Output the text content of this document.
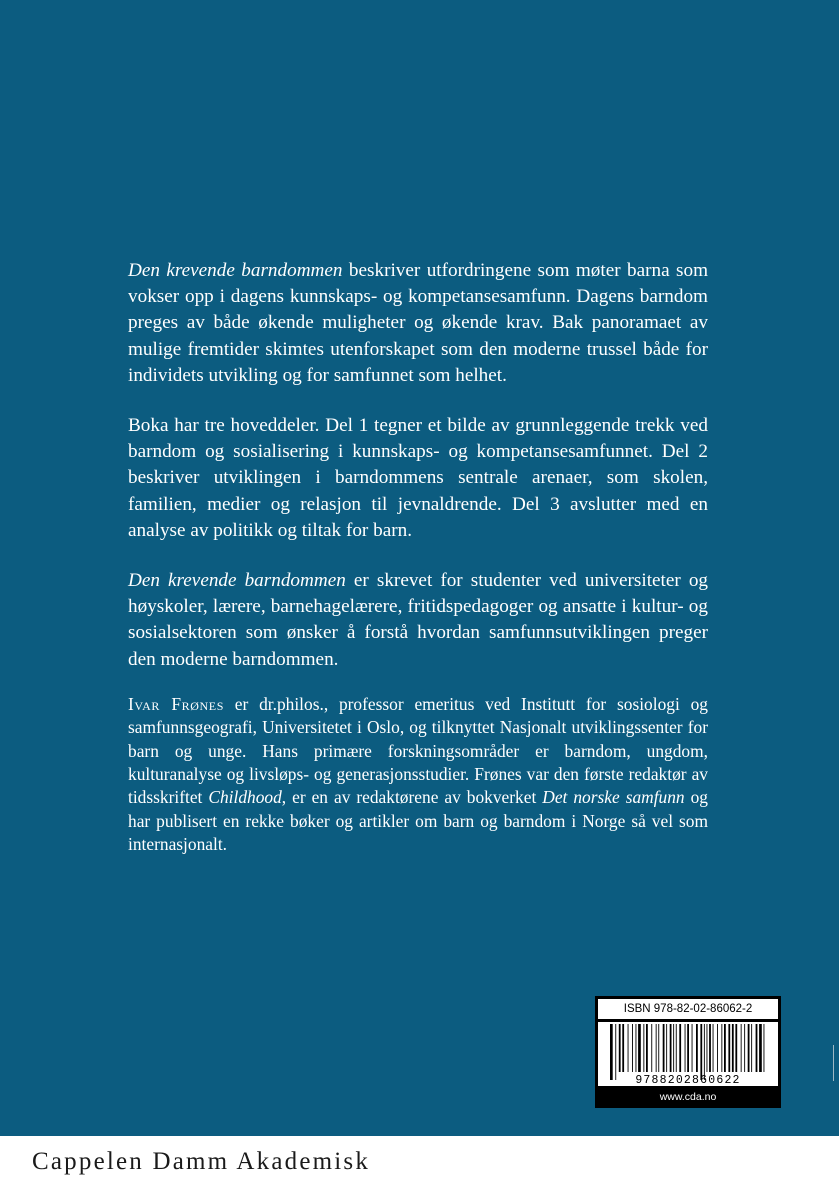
Den krevende barndommen beskriver utfordringene som møter barna som vokser opp i dagens kunnskaps- og kompetansesamfunn. Dagens barndom preges av både økende muligheter og økende krav. Bak panoramaet av mulige fremtider skimtes utenforskapet som den moderne trussel både for individets utvikling og for samfunnet som helhet.

Boka har tre hoveddeler. Del 1 tegner et bilde av grunnleggende trekk ved barndom og sosialisering i kunnskaps- og kompetansesamfunnet. Del 2 beskriver utviklingen i barndommens sentrale arenaer, som skolen, familien, medier og relasjon til jevnaldrende. Del 3 avslutter med en analyse av politikk og tiltak for barn.

Den krevende barndommen er skrevet for studenter ved universiteter og høyskoler, lærere, barnehagelærere, fritidspedagoger og ansatte i kultur- og sosialsektoren som ønsker å forstå hvordan samfunnsutviklingen preger den moderne barndommen.

Ivar Frønes er dr.philos., professor emeritus ved Institutt for sosiologi og samfunnsgeografi, Universitetet i Oslo, og tilknyttet Nasjonalt utviklingssenter for barn og unge. Hans primære forskningsområder er barndom, ungdom, kulturanalyse og livsløps- og generasjonsstudier. Frønes var den første redaktør av tidsskriftet Childhood, er en av redaktørene av bokverket Det norske samfunn og har publisert en rekke bøker og artikler om barn og barndom i Norge så vel som internasjonalt.

ISBN 978-82-02-86062-2
9788202860622
www.cda.no
Cappelen Damm Akademisk
